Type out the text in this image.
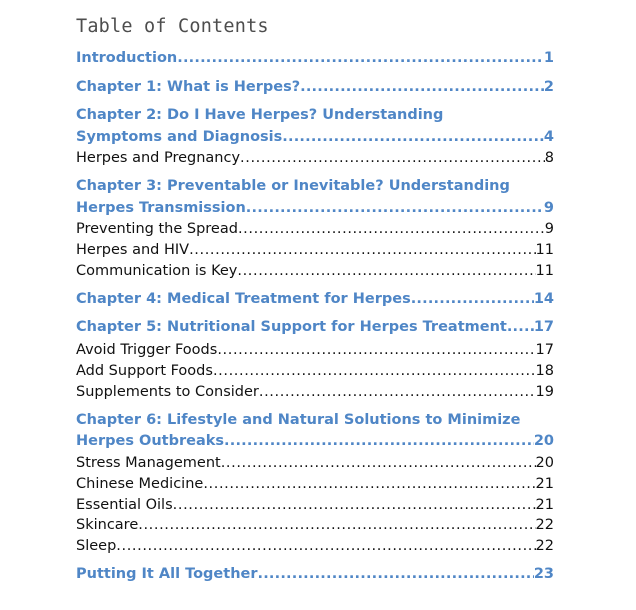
Table of Contents
Introduction .....	1
Chapter 1: What is Herpes? .....	2
Chapter 2: Do I Have Herpes? Understanding
Symptoms and Diagnosis .....	4
Herpes and Pregnancy .....	8
Chapter 3: Preventable or Inevitable? Understanding
Herpes Transmission .....	9
Preventing the Spread .....	9
Herpes and HIV .....	11
Communication is Key .....	11
Chapter 4: Medical Treatment for Herpes .....	14
Chapter 5: Nutritional Support for Herpes Treatment ..... 17
Avoid Trigger Foods .....	17
Add Support Foods .....	18
Supplements to Consider .....	19
Chapter 6: Lifestyle and Natural Solutions to Minimize
Herpes Outbreaks .....	20
Stress Management .....	20
Chinese Medicine .....	21
Essential Oils .....	21
Skincare .....	22
Sleep .....	22
Putting It All Together .....	23
